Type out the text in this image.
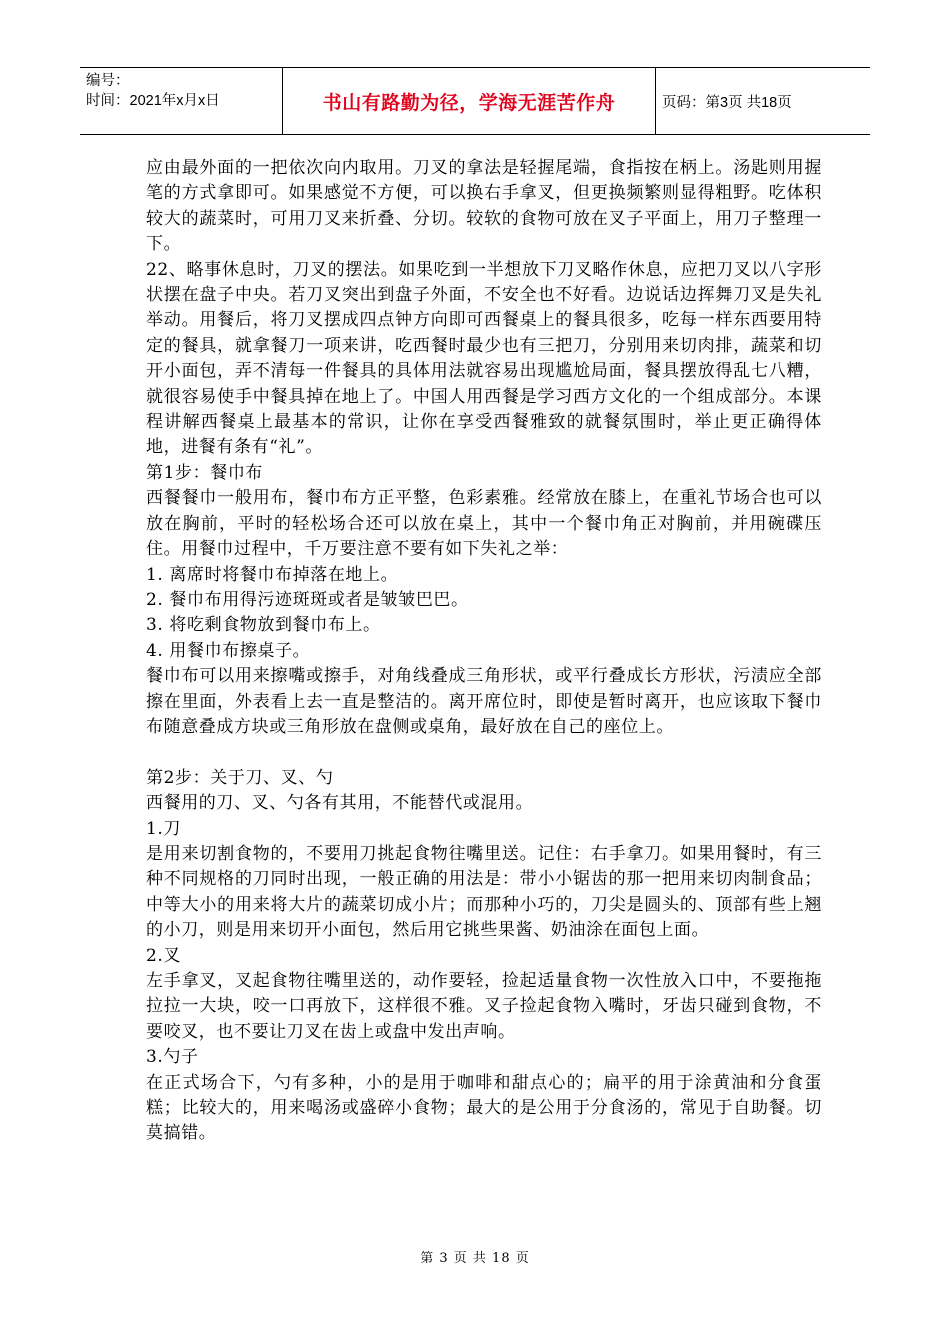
编号：
时间：2021年x月x日	书山有路勤为径，学海无涯苦作舟	页码：第3页 共18页

应由最外面的一把依次向内取用。刀叉的拿法是轻握尾端，食指按在柄上。汤匙则用握笔的方式拿即可。如果感觉不方便，可以换右手拿叉，但更换频繁则显得粗野。吃体积较大的蔬菜时，可用刀叉来折叠、分切。较软的食物可放在叉子平面上，用刀子整理一下。

22、略事休息时，刀叉的摆法。如果吃到一半想放下刀叉略作休息，应把刀叉以八字形状摆在盘子中央。若刀叉突出到盘子外面，不安全也不好看。边说话边挥舞刀叉是失礼举动。用餐后，将刀叉摆成四点钟方向即可西餐桌上的餐具很多，吃每一样东西要用特定的餐具，就拿餐刀一项来讲，吃西餐时最少也有三把刀，分别用来切肉排，蔬菜和切开小面包，弄不清每一件餐具的具体用法就容易出现尴尬局面，餐具摆放得乱七八糟，就很容易使手中餐具掉在地上了。中国人用西餐是学习西方文化的一个组成部分。本课程讲解西餐桌上最基本的常识，让你在享受西餐雅致的就餐氛围时，举止更正确得体地，进餐有条有“礼”。

第1步：餐巾布

西餐餐巾一般用布，餐巾布方正平整，色彩素雅。经常放在膝上，在重礼节场合也可以放在胸前，平时的轻松场合还可以放在桌上，其中一个餐巾角正对胸前，并用碗碟压住。用餐巾过程中，千万要注意不要有如下失礼之举：

1. 离席时将餐巾布掉落在地上。

2. 餐巾布用得污迹斑斑或者是皱皱巴巴。

3. 将吃剩食物放到餐巾布上。

4. 用餐巾布擦桌子。

餐巾布可以用来擦嘴或擦手，对角线叠成三角形状，或平行叠成长方形状，污渍应全部擦在里面，外表看上去一直是整洁的。离开席位时，即使是暂时离开，也应该取下餐巾布随意叠成方块或三角形放在盘侧或桌角，最好放在自己的座位上。

第2步：关于刀、叉、勺

西餐用的刀、叉、勺各有其用，不能替代或混用。

1.刀

是用来切割食物的，不要用刀挑起食物往嘴里送。记住：右手拿刀。如果用餐时，有三种不同规格的刀同时出现，一般正确的用法是：带小小锯齿的那一把用来切肉制食品；中等大小的用来将大片的蔬菜切成小片；而那种小巧的，刀尖是圆头的、顶部有些上翘的小刀，则是用来切开小面包，然后用它挑些果酱、奶油涂在面包上面。

2.叉

左手拿叉，叉起食物往嘴里送的，动作要轻，捡起适量食物一次性放入口中，不要拖拖拉拉一大块，咬一口再放下，这样很不雅。叉子捡起食物入嘴时，牙齿只碰到食物，不要咬叉，也不要让刀叉在齿上或盘中发出声响。

3.勺子

在正式场合下，勺有多种，小的是用于咖啡和甜点心的；扁平的用于涂黄油和分食蛋糕；比较大的，用来喝汤或盛碎小食物；最大的是公用于分食汤的，常见于自助餐。切莫搞错。

第 3 页 共 18 页
